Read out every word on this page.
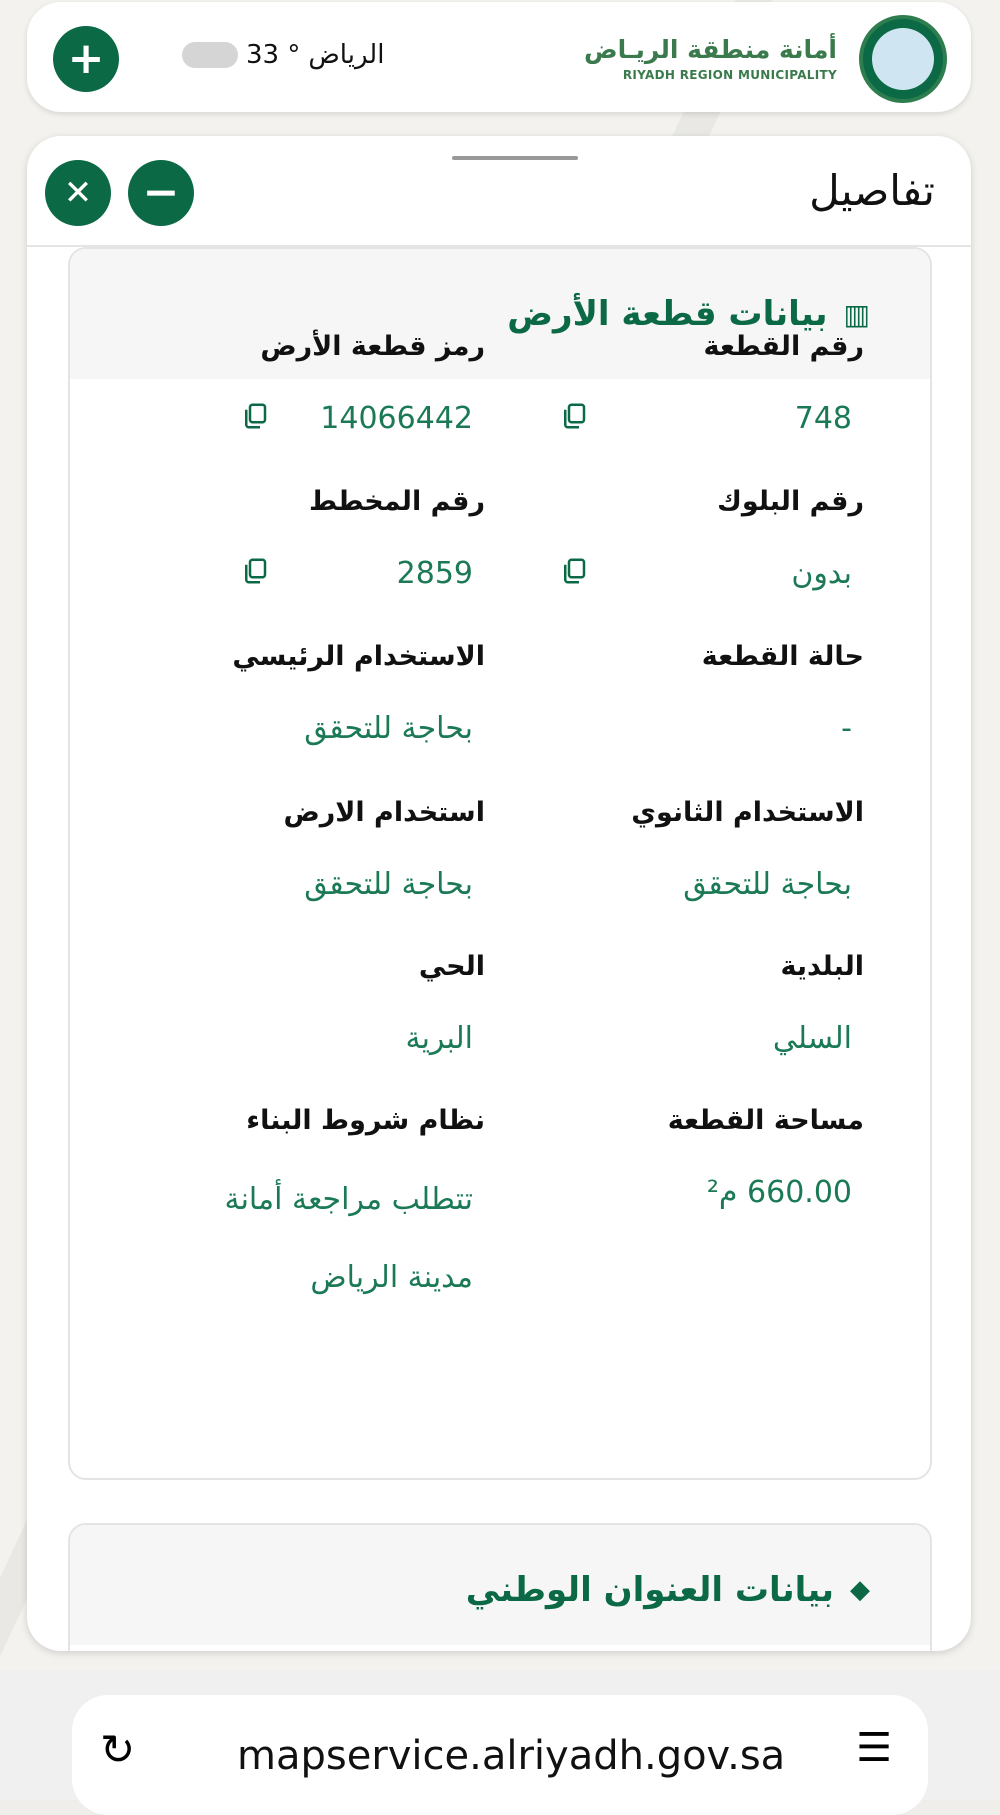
+	33 ° الرياض	أمانة منطقة الريـاض
RIYADH REGION MUNICIPALITY
✕ −	تفاصيل
بيانات قطعة الأرض ▥
رقم القطعة
748
رمز قطعة الأرض
14066442
رقم البلوك
بدون
رقم المخطط
2859
حالة القطعة
-
الاستخدام الرئيسي
بحاجة للتحقق
الاستخدام الثانوي
بحاجة للتحقق
استخدام الارض
بحاجة للتحقق
البلدية
السلي
الحي
البرية
مساحة القطعة
660.00 م²
نظام شروط البناء
تتطلب مراجعة أمانة مدينة الرياض
بيانات العنوان الوطني ◆
↻	mapservice.alriyadh.gov.sa ☰
